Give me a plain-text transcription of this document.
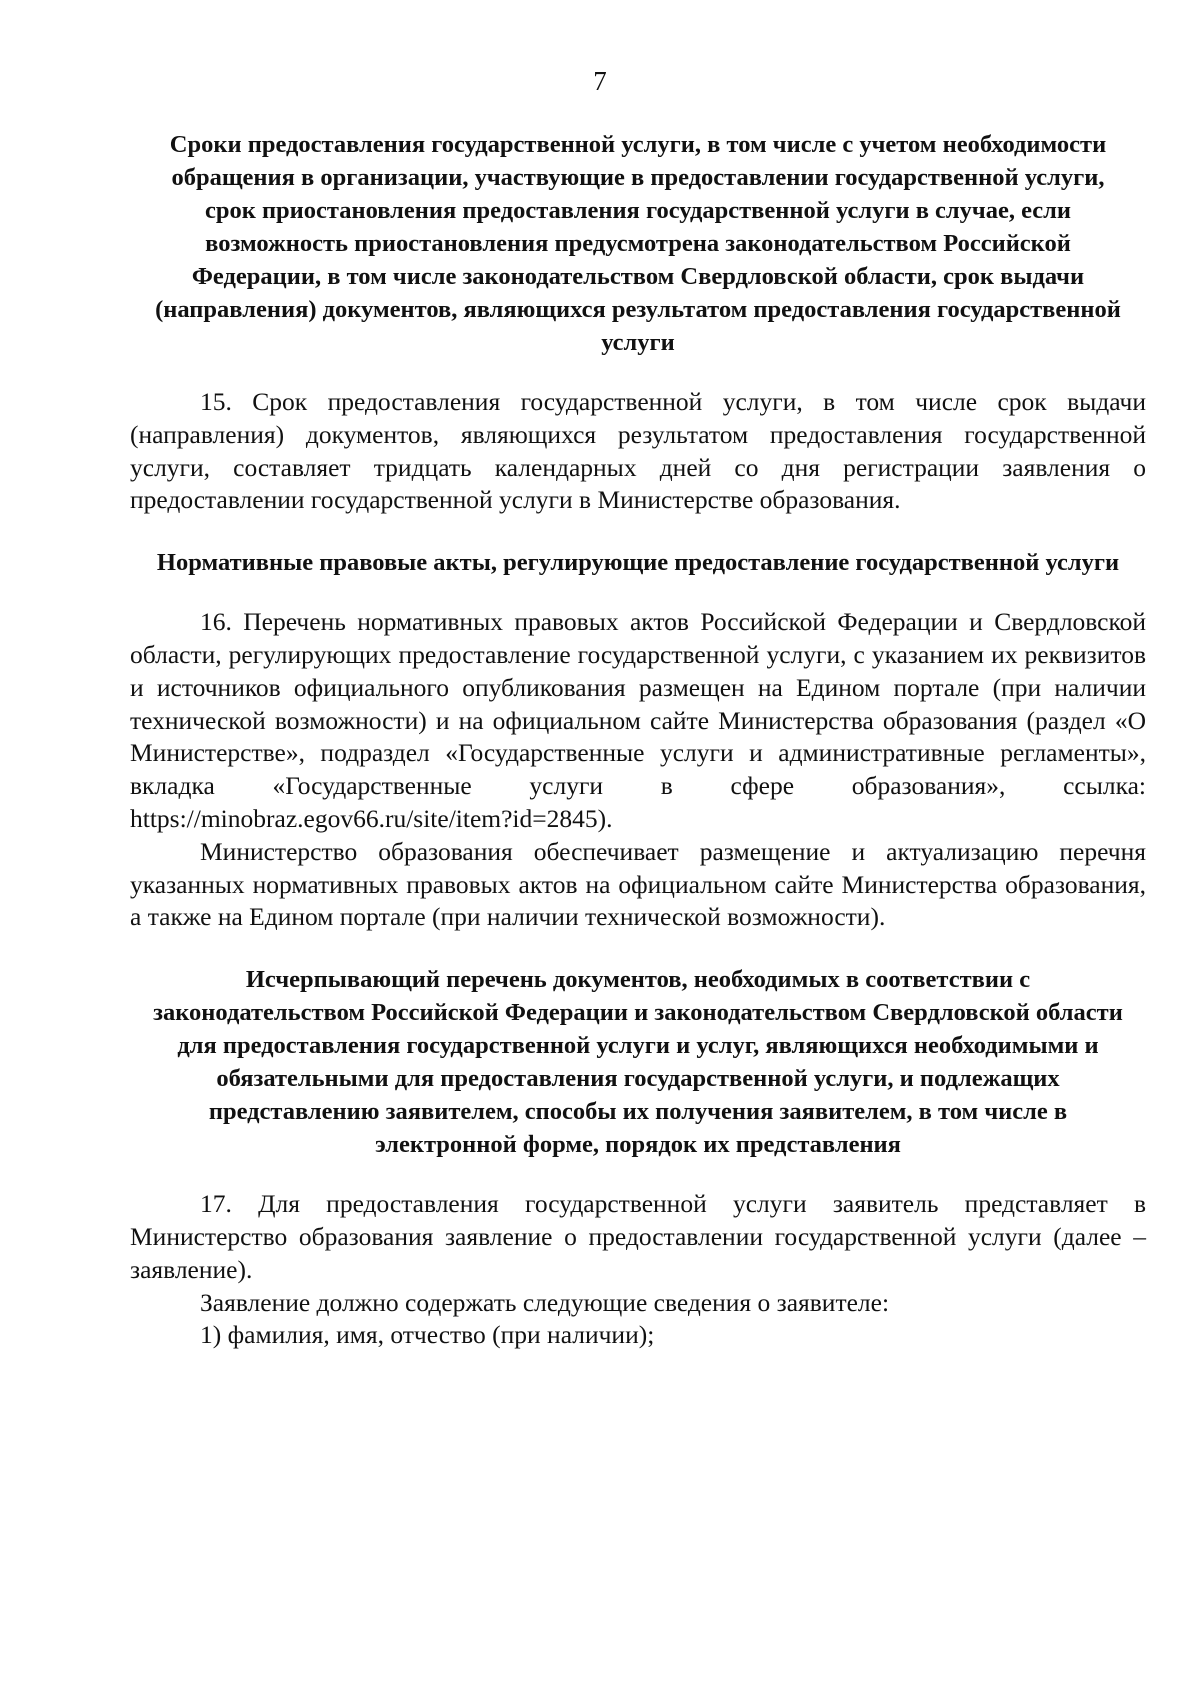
7
Сроки предоставления государственной услуги, в том числе с учетом необходимости обращения в организации, участвующие в предоставлении государственной услуги, срок приостановления предоставления государственной услуги в случае, если возможность приостановления предусмотрена законодательством Российской Федерации, в том числе законодательством Свердловской области, срок выдачи (направления) документов, являющихся результатом предоставления государственной услуги

15. Срок предоставления государственной услуги, в том числе срок выдачи (направления) документов, являющихся результатом предоставления государственной услуги, составляет тридцать календарных дней со дня регистрации заявления о предоставлении государственной услуги в Министерстве образования.

Нормативные правовые акты, регулирующие предоставление государственной услуги

16. Перечень нормативных правовых актов Российской Федерации и Свердловской области, регулирующих предоставление государственной услуги, с указанием их реквизитов и источников официального опубликования размещен на Едином портале (при наличии технической возможности) и на официальном сайте Министерства образования (раздел «О Министерстве», подраздел «Государственные услуги и административные регламенты», вкладка «Государственные услуги в сфере образования», ссылка: https://minobraz.egov66.ru/site/item?id=2845).

Министерство образования обеспечивает размещение и актуализацию перечня указанных нормативных правовых актов на официальном сайте Министерства образования, а также на Едином портале (при наличии технической возможности).

Исчерпывающий перечень документов, необходимых в соответствии с законодательством Российской Федерации и законодательством Свердловской области для предоставления государственной услуги и услуг, являющихся необходимыми и обязательными для предоставления государственной услуги, и подлежащих представлению заявителем, способы их получения заявителем, в том числе в электронной форме, порядок их представления

17. Для предоставления государственной услуги заявитель представляет в Министерство образования заявление о предоставлении государственной услуги (далее – заявление).

Заявление должно содержать следующие сведения о заявителе:

1) фамилия, имя, отчество (при наличии);
